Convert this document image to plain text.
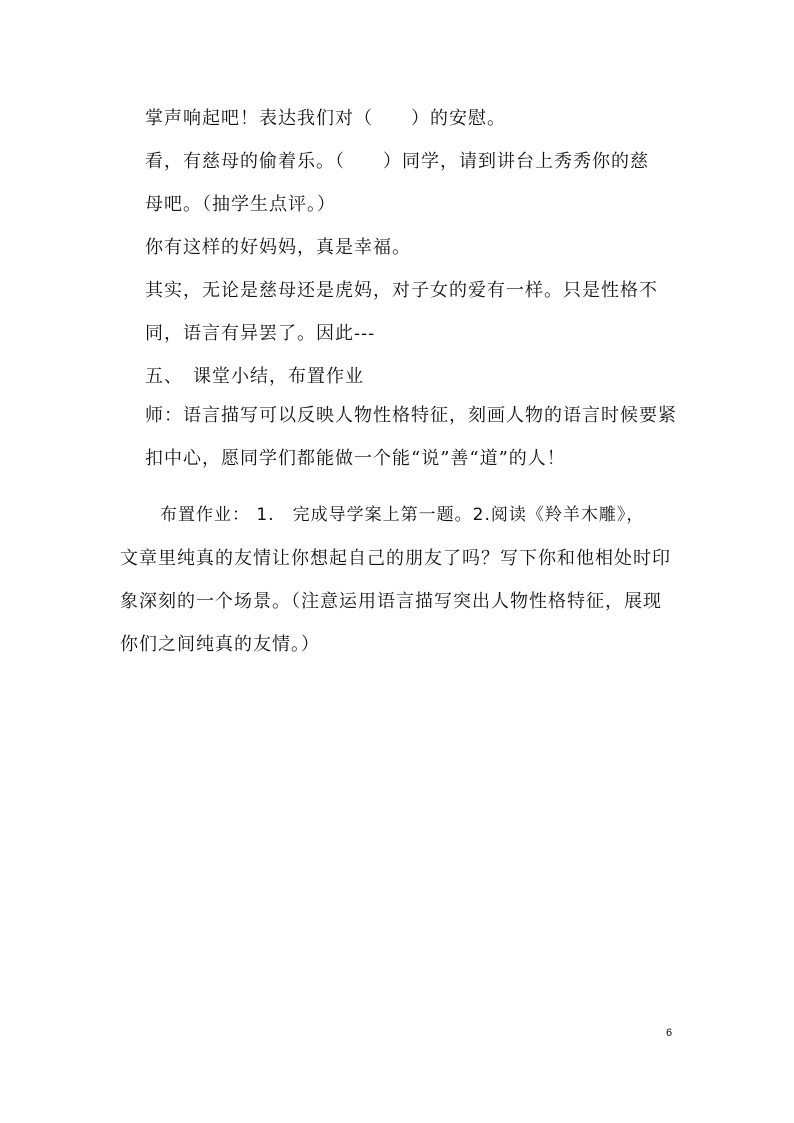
掌声响起吧！表达我们对（　　）的安慰。
看，有慈母的偷着乐。（　　）同学，请到讲台上秀秀你的慈
母吧。（抽学生点评。）
你有这样的好妈妈，真是幸福。
其实，无论是慈母还是虎妈，对子女的爱有一样。只是性格不
同，语言有异罢了。因此---
五、　课堂小结，布置作业
师：语言描写可以反映人物性格特征，刻画人物的语言时候要紧
扣中心，愿同学们都能做一个能“说”善“道”的人！
布置作业： 1.　完成导学案上第一题。2.阅读《羚羊木雕》，
文章里纯真的友情让你想起自己的朋友了吗？写下你和他相处时印
象深刻的一个场景。（注意运用语言描写突出人物性格特征，展现
你们之间纯真的友情。）
6
